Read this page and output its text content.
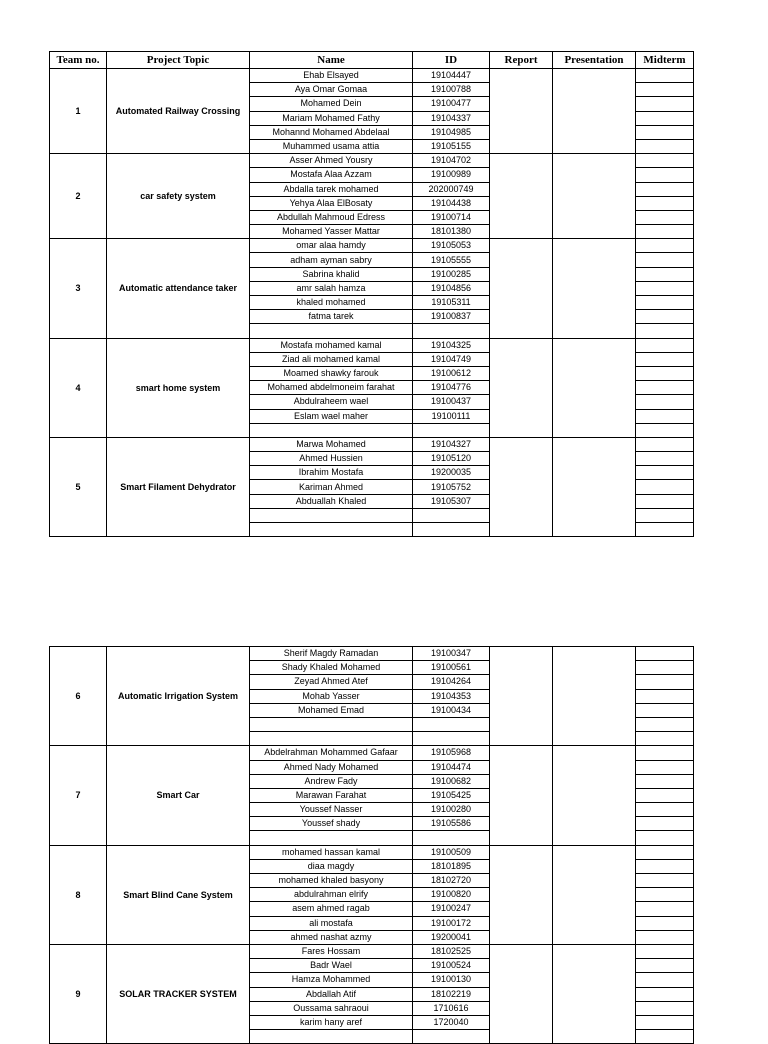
Team no.	Project Topic	Name	ID	Report	Presentation	Midterm
1	Automated Railway Crossing	Ehab Elsayed	19104447			
		Aya Omar Gomaa	19100788			
		Mohamed Dein	19100477			
		Mariam Mohamed Fathy	19104337			
		Mohannd Mohamed Abdelaal	19104985			
		Muhammed usama attia	19105155			
2	car safety system	Asser Ahmed Yousry	19104702			
		Mostafa Alaa Azzam	19100989			
		Abdalla tarek mohamed	202000749			
		Yehya Alaa ElBosaty	19104438			
		Abdullah Mahmoud Edress	19100714			
		Mohamed Yasser Mattar	18101380			
3	Automatic attendance taker	omar alaa hamdy	19105053			
		adham ayman sabry	19105555			
		Sabrina khalid	19100285			
		amr salah hamza	19104856			
		khaled mohamed	19105311			
		fatma tarek	19100837			

4	smart home system	Mostafa mohamed kamal	19104325			
		Ziad ali mohamed kamal	19104749			
		Moamed shawky farouk	19100612			
		Mohamed abdelmoneim farahat	19104776			
		Abdulraheem wael	19100437			
		Eslam wael maher	19100111			

5	Smart Filament Dehydrator	Marwa Mohamed	19104327			
		Ahmed Hussien	19105120			
		Ibrahim Mostafa	19200035			
		Kariman Ahmed	19105752			
		Abduallah Khaled	19105307			

6	Automatic Irrigation System	Sherif Magdy Ramadan	19100347			
		Shady Khaled Mohamed	19100561			
		Zeyad Ahmed Atef	19104264			
		Mohab Yasser	19104353			
		Mohamed Emad	19100434			

7	Smart Car	Abdelrahman Mohammed Gafaar	19105968			
		Ahmed Nady Mohamed	19104474			
		Andrew Fady	19100682			
		Marawan Farahat	19105425			
		Youssef Nasser	19100280			
		Youssef shady	19105586			

8	Smart Blind Cane System	mohamed hassan kamal	19100509			
		diaa magdy	18101895			
		mohamed khaled basyony	18102720			
		abdulrahman elrify	19100820			
		asem ahmed ragab	19100247			
		ali mostafa	19100172			
		ahmed nashat azmy	19200041			
9	SOLAR TRACKER SYSTEM	Fares Hossam	18102525			
		Badr Wael	19100524			
		Hamza Mohammed	19100130			
		Abdallah Atif	18102219			
		Oussama sahraoui	1710616			
		karim hany aref	1720040			
